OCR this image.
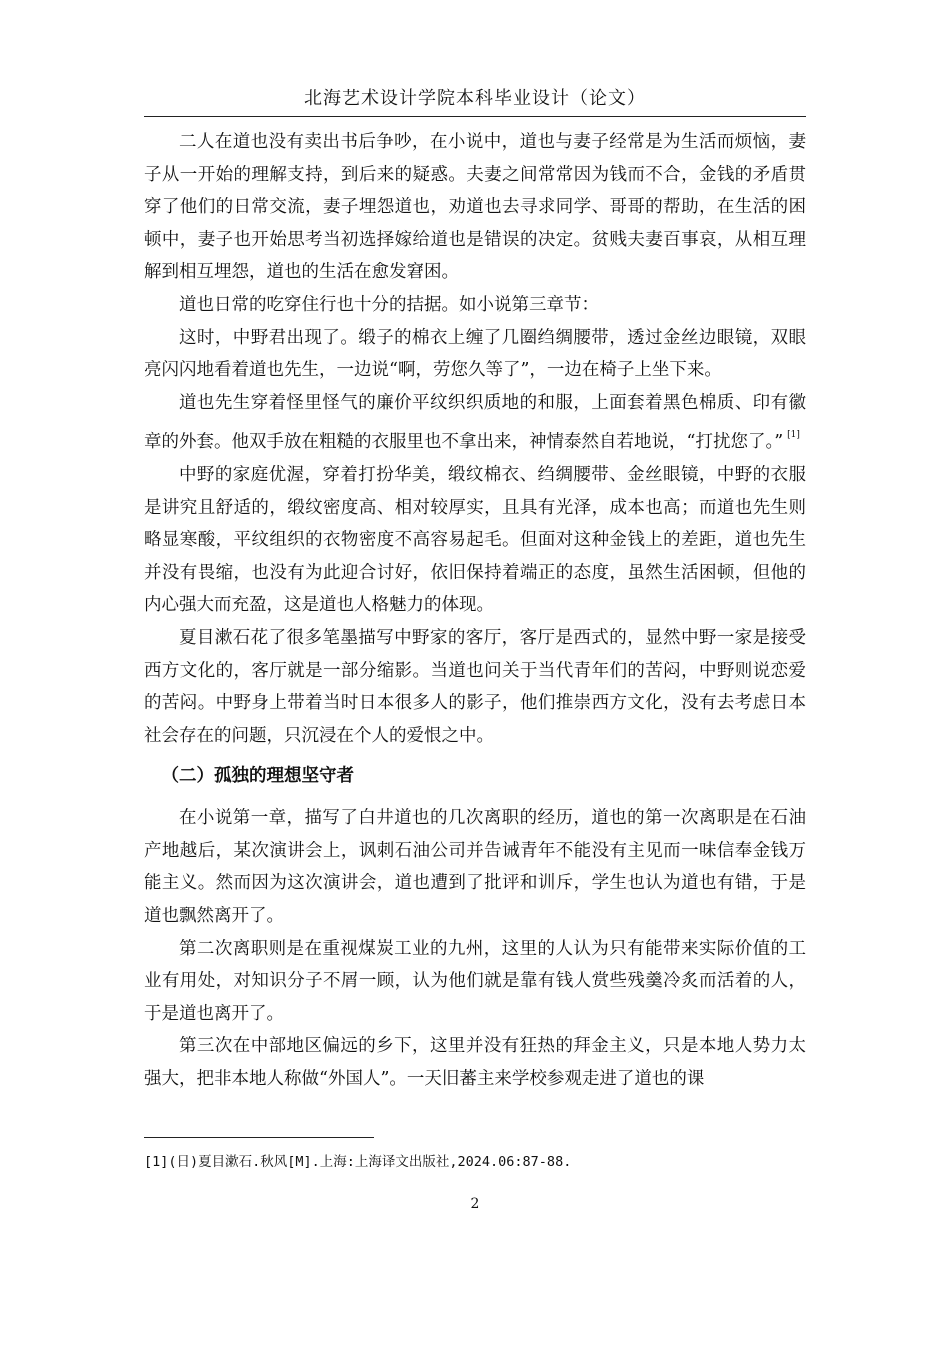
北海艺术设计学院本科毕业设计（论文）

二人在道也没有卖出书后争吵，在小说中，道也与妻子经常是为生活而烦恼，妻子从一开始的理解支持，到后来的疑惑。夫妻之间常常因为钱而不合，金钱的矛盾贯穿了他们的日常交流，妻子埋怨道也，劝道也去寻求同学、哥哥的帮助，在生活的困顿中，妻子也开始思考当初选择嫁给道也是错误的决定。贫贱夫妻百事哀，从相互理解到相互埋怨，道也的生活在愈发窘困。

道也日常的吃穿住行也十分的拮据。如小说第三章节：

这时，中野君出现了。缎子的棉衣上缠了几圈绉绸腰带，透过金丝边眼镜，双眼亮闪闪地看着道也先生，一边说“啊，劳您久等了”，一边在椅子上坐下来。

道也先生穿着怪里怪气的廉价平纹织织质地的和服，上面套着黑色棉质、印有徽章的外套。他双手放在粗糙的衣服里也不拿出来，神情泰然自若地说，“打扰您了。” [1]

中野的家庭优渥，穿着打扮华美，缎纹棉衣、绉绸腰带、金丝眼镜，中野的衣服是讲究且舒适的，缎纹密度高、相对较厚实，且具有光泽，成本也高；而道也先生则略显寒酸，平纹组织的衣物密度不高容易起毛。但面对这种金钱上的差距，道也先生并没有畏缩，也没有为此迎合讨好，依旧保持着端正的态度，虽然生活困顿，但他的内心强大而充盈，这是道也人格魅力的体现。

夏目漱石花了很多笔墨描写中野家的客厅，客厅是西式的，显然中野一家是接受西方文化的，客厅就是一部分缩影。当道也问关于当代青年们的苦闷，中野则说恋爱的苦闷。中野身上带着当时日本很多人的影子，他们推崇西方文化，没有去考虑日本社会存在的问题，只沉浸在个人的爱恨之中。

（二）孤独的理想坚守者

在小说第一章，描写了白井道也的几次离职的经历，道也的第一次离职是在石油产地越后，某次演讲会上，讽刺石油公司并告诫青年不能没有主见而一味信奉金钱万能主义。然而因为这次演讲会，道也遭到了批评和训斥，学生也认为道也有错，于是道也飘然离开了。

第二次离职则是在重视煤炭工业的九州，这里的人认为只有能带来实际价值的工业有用处，对知识分子不屑一顾，认为他们就是靠有钱人赏些残羹冷炙而活着的人，于是道也离开了。

第三次在中部地区偏远的乡下，这里并没有狂热的拜金主义，只是本地人势力太强大，把非本地人称做“外国人”。一天旧蕃主来学校参观走进了道也的课

[1](日)夏目漱石.秋风[M].上海:上海译文出版社,2024.06:87-88.
2
